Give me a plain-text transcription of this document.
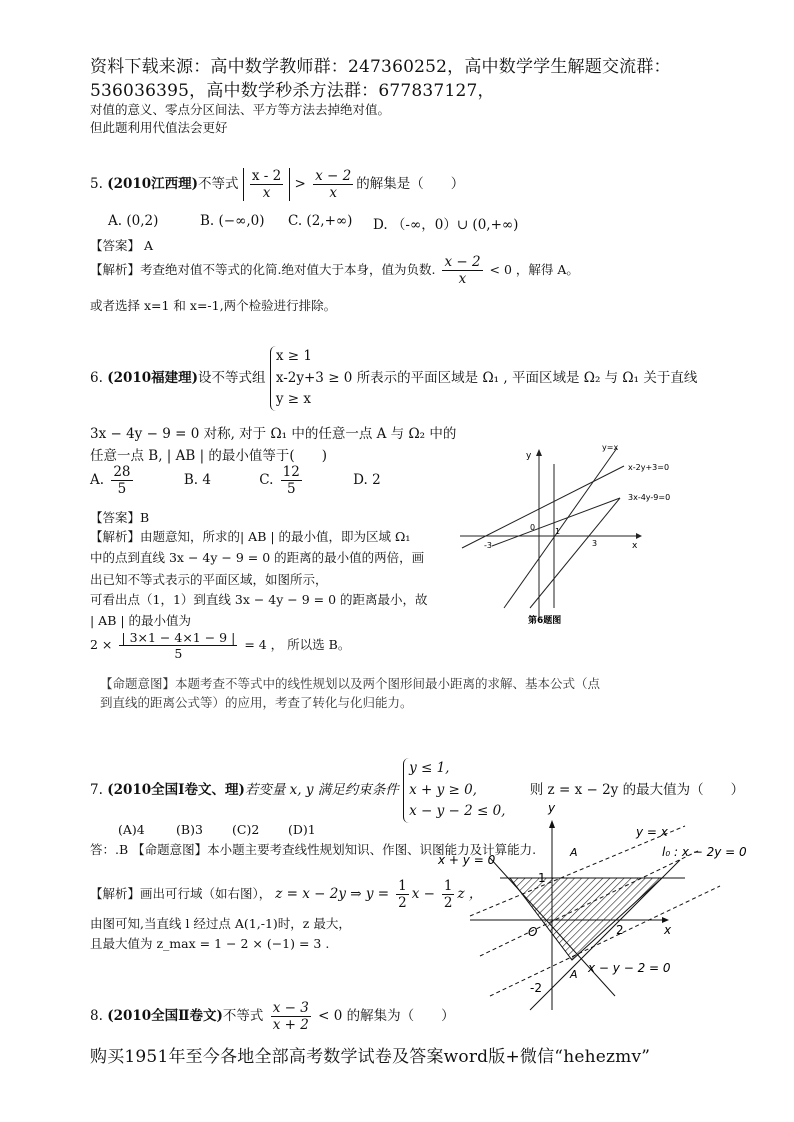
资料下载来源：高中数学教师群：247360252，高中数学学生解题交流群：
536036395，高中数学秒杀方法群：677837127，
对值的意义、零点分区间法、平方等方法去掉绝对值。
但此题利用代值法会更好
5. (2010江西理)不等式 $\frac{x - 2}{x} > \frac{x - 2}{x}$ 的解集是（　　）
A. (0,2)	B. (−∞,0) C. (2,+∞) D. （-∞，0）∪ (0,+∞)
【答案】 A
【解析】考查绝对值不等式的化简.绝对值大于本身，值为负数. $\frac{x - 2}{x} < 0$ ，解得 A。
或者选择 x=1 和 x=-1,两个检验进行排除。
6. (2010福建理)设不等式组
x ≥ 1
x-2y+3 ≥ 0
y ≥ x
所表示的平面区域是 Ω₁ , 平面区域是 Ω₂ 与 Ω₁ 关于直线
3x − 4y − 9 = 0 对称, 对于 Ω₁ 中的任意一点 A 与 Ω₂ 中的
任意一点 B, | AB | 的最小值等于(　　)
A. $\frac{28}{5}$	B. 4	C. $\frac{12}{5}$	D. 2
【答案】B
【解析】由题意知，所求的| AB | 的最小值，即为区域 Ω₁
中的点到直线 3x − 4y − 9 = 0 的距离的最小值的两倍，画
出已知不等式表示的平面区域，如图所示，
可看出点（1，1）到直线 3x − 4y − 9 = 0 的距离最小，故
| AB | 的最小值为
$2 \times \frac{| 3\times 1 - 4\times 1 - 9 |}{5} = 4$ ， 所以选 B。
【命题意图】本题考查不等式中的线性规划以及两个图形间最小距离的求解、基本公式（点
到直线的距离公式等）的应用，考查了转化与化归能力。
y
x
y=x
x-2y+3=0
3x-4y-9=0
-3
0 1
3
第6题图
7. (2010全国Ⅰ卷文、理)若变量 x, y 满足约束条件
y ≤ 1,
x + y ≥ 0,
x − y − 2 ≤ 0,
则 z = x − 2y 的最大值为（　　）
(A)4	(B)3 (C)2 (D)1
答：.B 【命题意图】本小题主要考查线性规划知识、作图、识图能力及计算能力.
【解析】画出可行域（如右图）， z = x − 2y ⇒ $y = \frac{1}{2}$ $x - \frac{1}{2}$ z ，
由图可知,当直线 l 经过点 A(1,-1)时，z 最大，
且最大值为 z_max = 1 − 2 × (−1) = 3 .
y
y = x
l₀ : x − 2y = 0
x + y = 0
x − y − 2 = 0
x
O
A
A
1
2
-2
8. (2010全国Ⅱ卷文)不等式 $\frac{x - 3}{x + 2} < 0$ 的解集为（　　）
购买1951年至今各地全部高考数学试卷及答案word版+微信“hehezmv”
